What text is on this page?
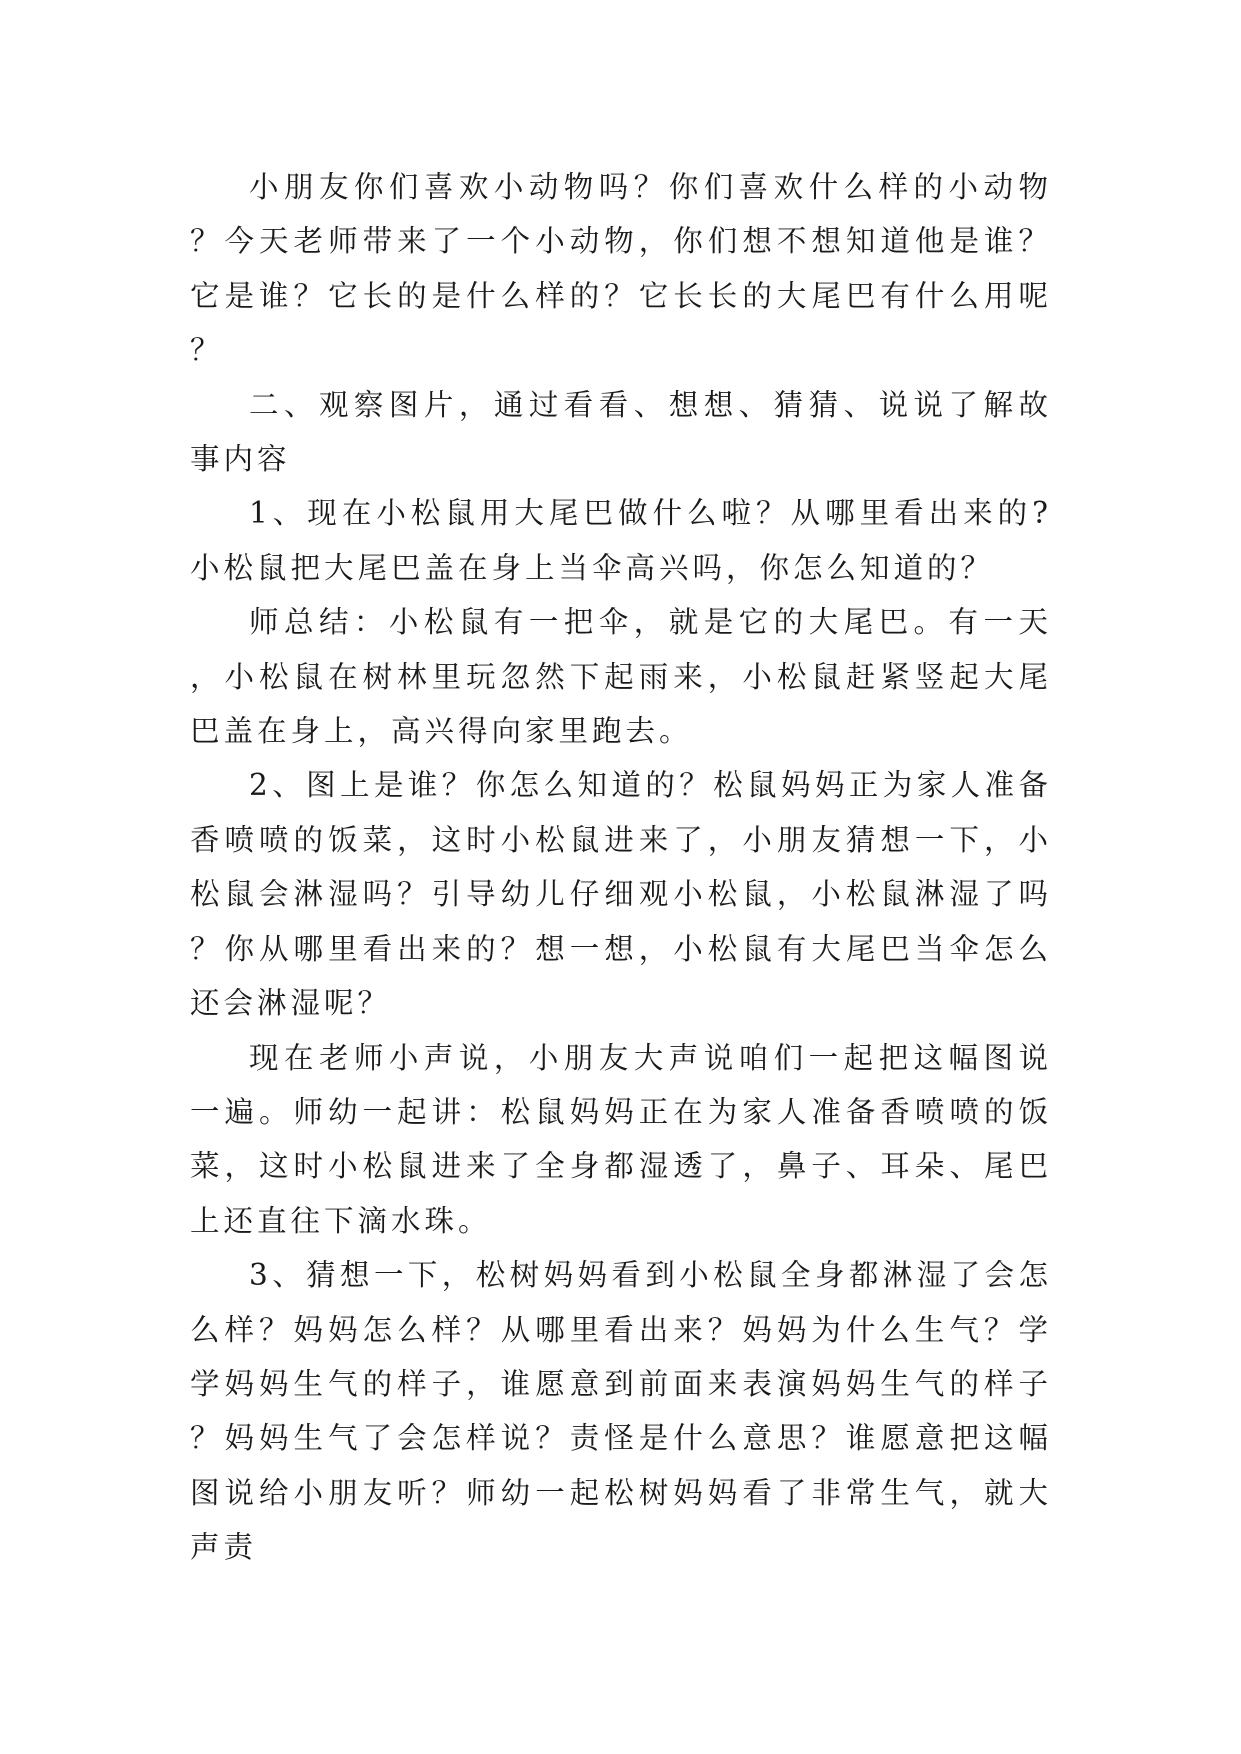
小朋友你们喜欢小动物吗？你们喜欢什么样的小动物？今天老师带来了一个小动物，你们想不想知道他是谁？它是谁？它长的是什么样的？它长长的大尾巴有什么用呢？

二、观察图片，通过看看、想想、猜猜、说说了解故事内容

1、现在小松鼠用大尾巴做什么啦？从哪里看出来的?小松鼠把大尾巴盖在身上当伞高兴吗，你怎么知道的？

师总结：小松鼠有一把伞，就是它的大尾巴。有一天，小松鼠在树林里玩忽然下起雨来，小松鼠赶紧竖起大尾巴盖在身上，高兴得向家里跑去。

2、图上是谁？你怎么知道的？松鼠妈妈正为家人准备香喷喷的饭菜，这时小松鼠进来了，小朋友猜想一下，小松鼠会淋湿吗？引导幼儿仔细观小松鼠，小松鼠淋湿了吗？你从哪里看出来的？想一想，小松鼠有大尾巴当伞怎么还会淋湿呢？

现在老师小声说，小朋友大声说咱们一起把这幅图说一遍。师幼一起讲：松鼠妈妈正在为家人准备香喷喷的饭菜，这时小松鼠进来了全身都湿透了，鼻子、耳朵、尾巴上还直往下滴水珠。

3、猜想一下，松树妈妈看到小松鼠全身都淋湿了会怎么样？妈妈怎么样？从哪里看出来？妈妈为什么生气？学学妈妈生气的样子，谁愿意到前面来表演妈妈生气的样子？妈妈生气了会怎样说？责怪是什么意思？谁愿意把这幅图说给小朋友听？师幼一起松树妈妈看了非常生气，就大声责
